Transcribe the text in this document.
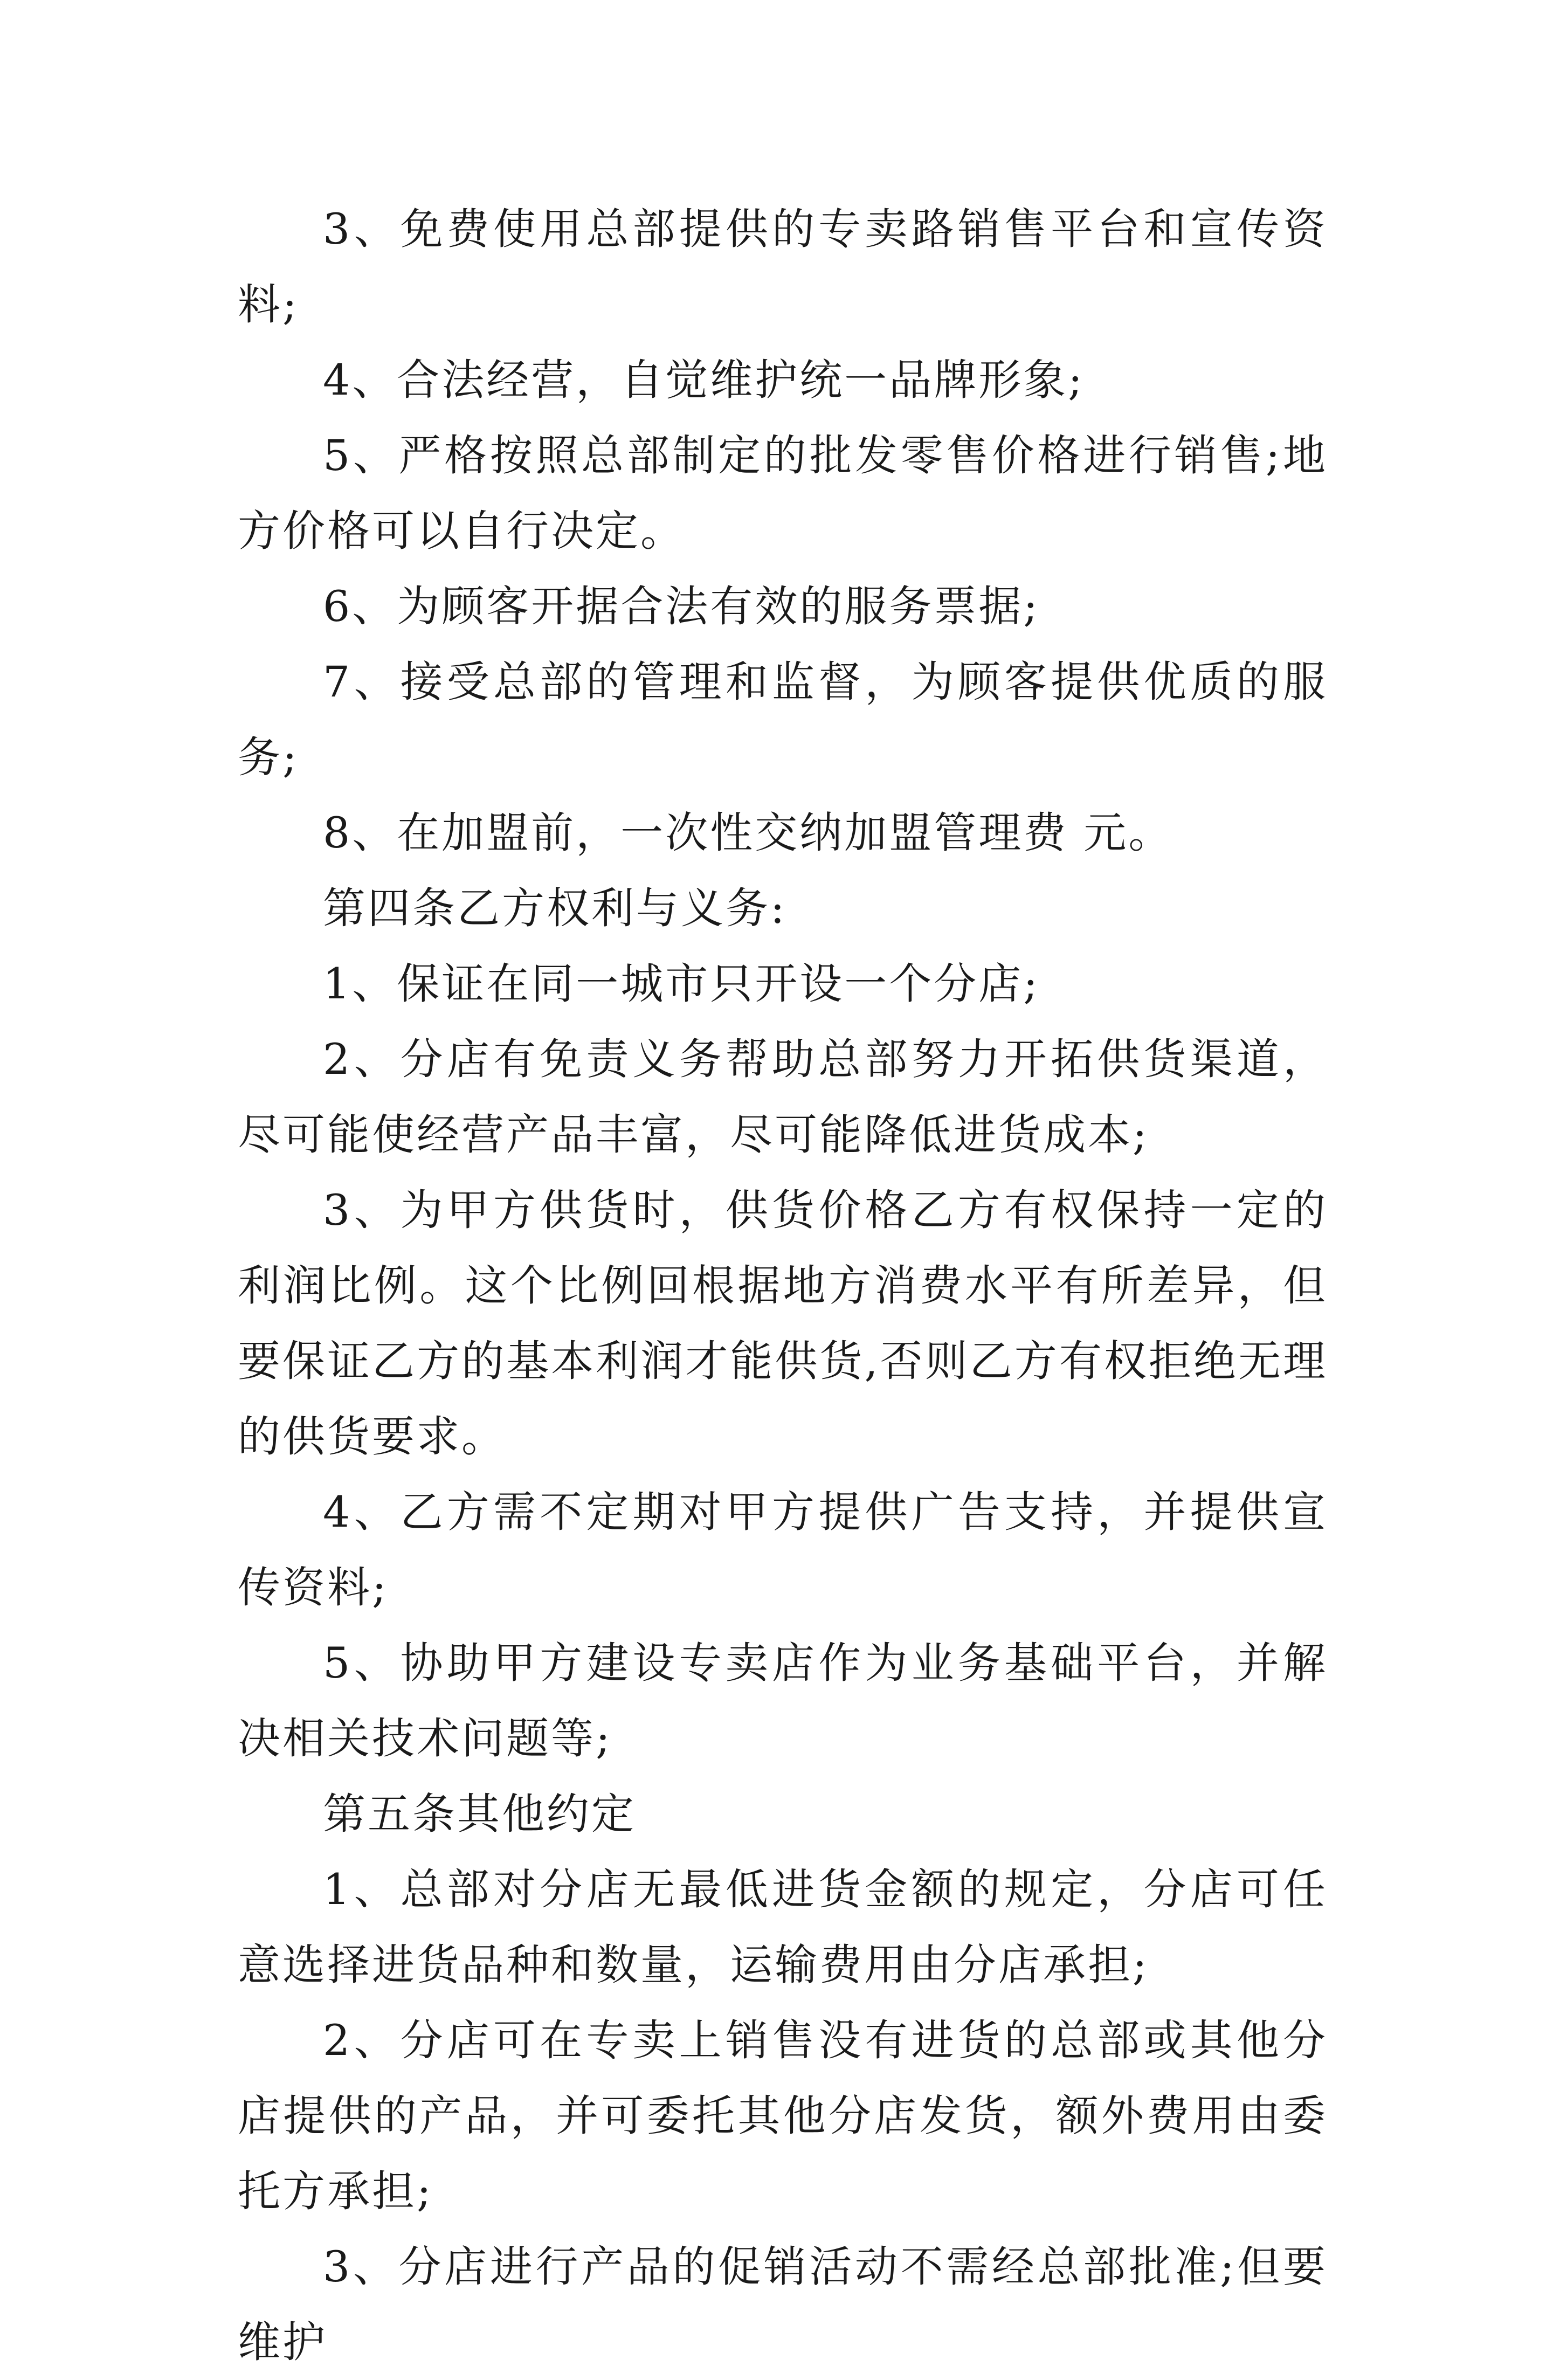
3、免费使用总部提供的专卖路销售平台和宣传资料;

4、合法经营，自觉维护统一品牌形象;

5、严格按照总部制定的批发零售价格进行销售;地方价格可以自行决定。

6、为顾客开据合法有效的服务票据;

7、接受总部的管理和监督，为顾客提供优质的服务;

8、在加盟前，一次性交纳加盟管理费 元。

第四条乙方权利与义务:

1、保证在同一城市只开设一个分店;

2、分店有免责义务帮助总部努力开拓供货渠道，尽可能使经营产品丰富，尽可能降低进货成本;

3、为甲方供货时，供货价格乙方有权保持一定的利润比例。这个比例回根据地方消费水平有所差异，但要保证乙方的基本利润才能供货,否则乙方有权拒绝无理的供货要求。

4、乙方需不定期对甲方提供广告支持，并提供宣传资料;

5、协助甲方建设专卖店作为业务基础平台，并解决相关技术问题等;

第五条其他约定

1、总部对分店无最低进货金额的规定，分店可任意选择进货品种和数量，运输费用由分店承担;

2、分店可在专卖上销售没有进货的总部或其他分店提供的产品，并可委托其他分店发货，额外费用由委托方承担;

3、分店进行产品的促销活动不需经总部批准;但要维护
